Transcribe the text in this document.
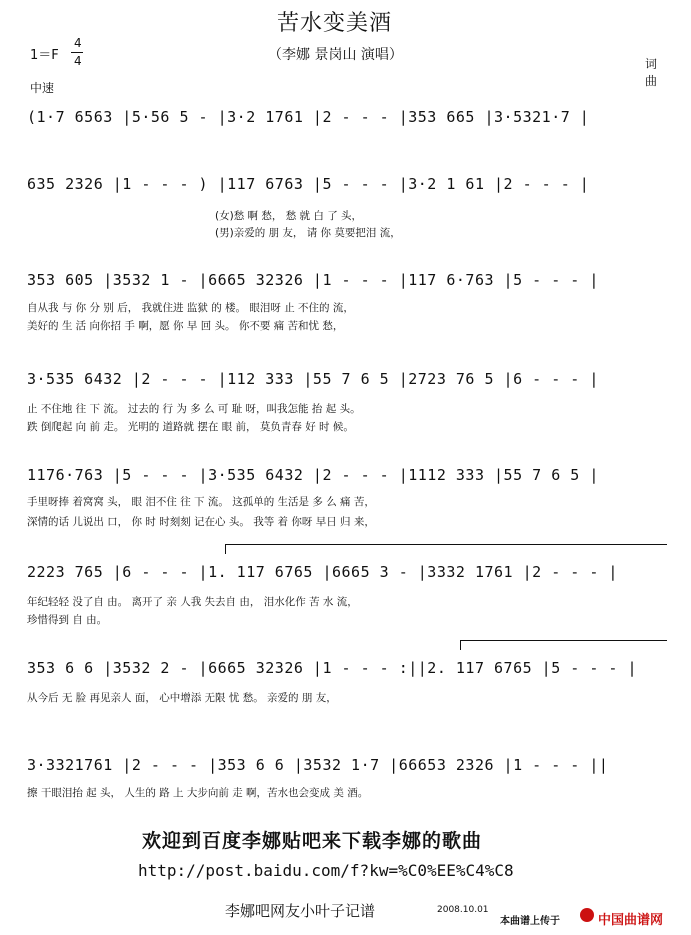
苦水变美酒
（李娜 景岗山 演唱）
1＝F
4
4
中速
词
曲
(1·7 6563 |5·56 5 - |3·2 1761 |2 - - - |353 665 |3·5321·7 |
635 2326 |1 - - - ) |117 6763 |5 - - - |3·2 1 61 |2 - - - |
(女)愁 啊 愁， 愁 就 白 了 头，
(男)亲爱的 朋 友， 请 你 莫要把泪 流，
353 605 |3532 1 - |6665 32326 |1 - - - |117 6·763 |5 - - - |
自从我 与 你 分 别 后， 我就住进 监狱 的 楼。 眼泪呀 止 不住的 流，
美好的 生 活 向你招 手 啊，愿 你 早 回 头。 你不要 痛 苦和忧 愁，
3·535 6432 |2 - - - |112 333 |55 7 6 5 |2723 76 5 |6 - - - |
止 不住地 往 下 流。 过去的 行 为 多 么 可 耻 呀，叫我怎能 抬 起 头。
跌 倒爬起 向 前 走。 光明的 道路就 摆在 眼 前， 莫负青春 好 时 候。
1176·763 |5 - - - |3·535 6432 |2 - - - |1112 333 |55 7 6 5 |
手里呀捧 着窝窝 头， 眼 泪不住 往 下 流。 这孤单的 生活是 多 么 痛 苦，
深情的话 儿说出 口， 你 时 时刻刻 记在心 头。 我等 着 你呀 早日 归 来，
2223 765 |6 - - - |1. 117 6765 |6665 3 - |3332 1761 |2 - - - |
年纪轻轻 没了自 由。 离开了 亲 人我 失去自 由， 泪水化作 苦 水 流，
珍惜得到 自 由。
353 6 6 |3532 2 - |6665 32326 |1 - - - :||2. 117 6765 |5 - - - |
从今后 无 脸 再见亲人 面， 心中增添 无限 忧 愁。 亲爱的 朋 友，
3·3321761 |2 - - - |353 6 6 |3532 1·7 |66653 2326 |1 - - - ||
擦 干眼泪抬 起 头， 人生的 路 上 大步向前 走 啊，苦水也会变成 美 酒。
欢迎到百度李娜贴吧来下载李娜的歌曲
http://post.baidu.com/f?kw=%C0%EE%C4%C8
李娜吧网友小叶子记谱	2008.10.01
本曲谱上传于	中国曲谱网
